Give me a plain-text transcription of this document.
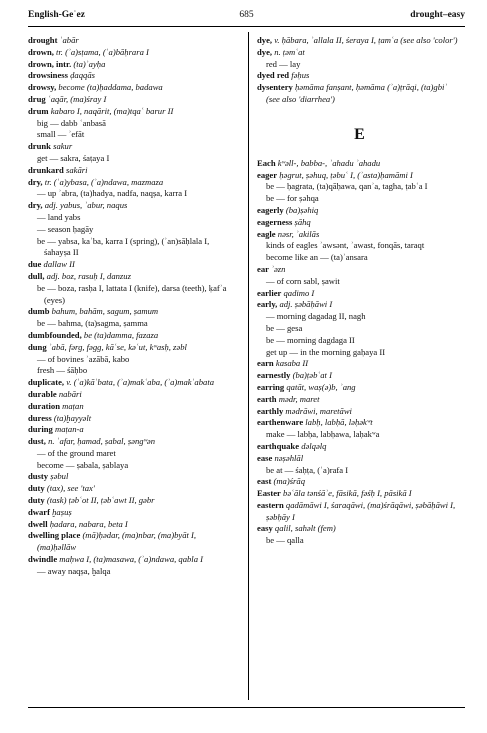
English-Geʿez	685	drought–easy

drought ʾabār

drown, tr. (ʾa)sṭama, (ʾa)bāḥrara I

drown, intr. (ta)ʾayḥa

drowsiness ḍaqqās

drowsy, become (ta)ḥaddama, badawa

drug ʿaqār, (ma)śray I

drum kabaro I, naqārit, (ma)tqaʿ barur II

big — dabb ʿanbasā

small — ʾefāt

drunk sakur

get — sakra, śaṭaya I

drunkard sakāri

dry, tr. (ʾa)ybasa, (ʾa)ndawa, mazmaza

— up ʾabra, (ta)hadya, nadfa, naqṣa, karra I

dry, adj. yabus, ʾabur, naqus

— land yabs

— season ḥagāy

be — yabsa, kaʿba, karra I (spring), (ʾan)sāḥlala I, śahayṣa II

due dallaw II

dull, adj. boz, rasuḥ I, danzuz

be — boza, rasḥa I, lattata I (knife), darsa (teeth), ḳafʾa (eyes)

dumb bahum, bahām, sagum, ṣamum

be — bahma, (ta)sagma, ṣamma

dumbfounded, be (ta)damma, fazaza

dung ʾabā, fәrg, fәgg, kāʿse, kәʿut, kʷasḥ, zәbl

— of bovines ʾazābā, kabo

fresh — śāḥbo

duplicate, v. (ʾa)kāʿbata, (ʾa)makʿaba, (ʾa)makʿabata

durable nabāri

duration maṭan

duress (ta)ḫayyәlt

during maṭan-a

dust, n. ʾafar, ḥamad, ṣabal, ṣәngʷәn

— of the ground maret

become — ṣabala, ṣablaya

dusty ṣәbul

duty (tax), see 'tax'

duty (task) ṭәbʿot II, ṭәbʿawt II, gәbr

dwarf ḫaṣuṣ

dwell ḥadara, nabara, beta I

dwelling place (mā)ḥәdar, (ma)nbar, (ma)byāt I, (ma)ḥәllāw

dwindle maḥwa I, (ta)masawa, (ʾa)ndawa, qabla I

— away naqṣa, ḫalqa

dye, v. ḥābara, ʾallala II, śeraya I, ṭamʿa (see also 'color')

dye, n. ṭәmʿat

red — lay

dyed red fәḥus

dysentery ḥәmāma fanṣant, ḥәmāma (ʾa)ṭrāqi, (ta)gbiʾ (see also 'diarrhea')

E

Each kʷәll-, babba-, ʾahadu ʾahadu

eager ḥәgrut, ṣәhuq, ṭәbuʿ I, (ʾasta)ḥamāmi I

be — ḥagrata, (ta)qāḥawa, qanʾa, tagha, ṭabʿa I

be — for ṣәhqa

eagerly (ba)ṣәhiq

eagerness ṣāhq

eagle nәsr, ʾakilās

kinds of eagles ʾawsәnt, ʾawast, fonqās, taraqt

become like an — (ta)ʾansara

ear ʾәzn

— of corn sabl, ṣawit

earlier qadimo I

early, adj. ṣәbāḥāwi I

— morning dagadag II, nagh

be — gesa

be — morning dagdaga II

get up — in the morning gaḥaya II

earn kasaba II

earnestly (ba)ṭәbʿat I

earring qatāt, waṣ(ә)b, ʾang

earth mәdr, maret

earthly mәdrāwi, maretāwi

earthenware labḥ, labḥā, lәḥәkʷt

make — labḥa, labḥawa, laḥakʷa

earthquake dәlqәlq

ease nәṣәhlāl

be at — śaḥṭa, (ʾa)rafa I

east (ma)śrāq

Easter bәʿāla tәnśāʾe, fāsikā, fәśḥ I, pāsikā I

eastern qadāmāwi I, śaraqāwi, (ma)śrāqāwi, ṣәbāḥāwi I, ṣәbḥāy I

easy qalil, sahәlt (fem)

be — qalla
